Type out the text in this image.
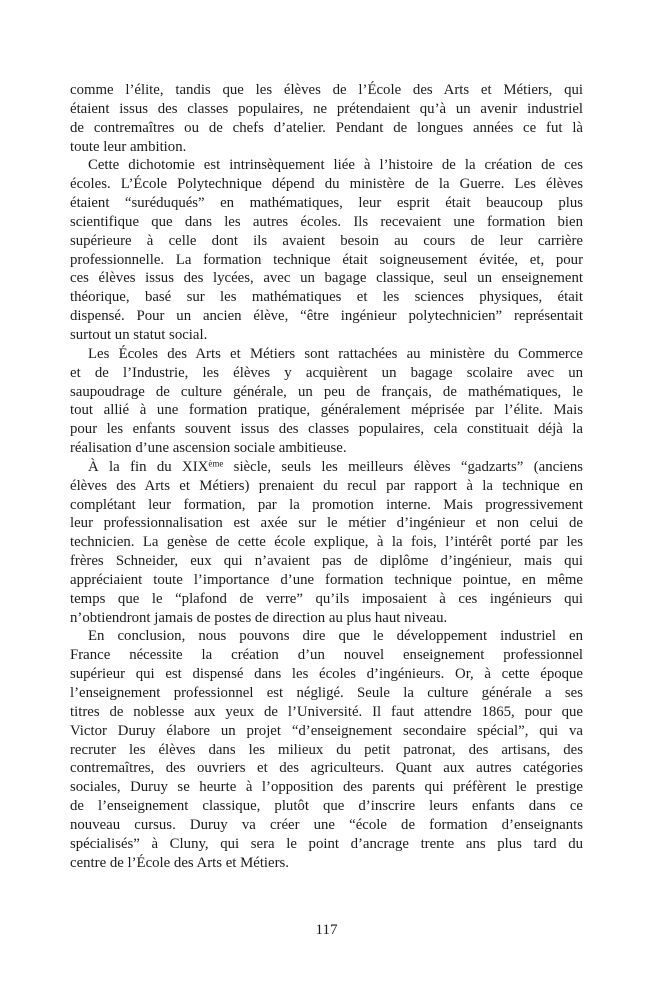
comme l’élite, tandis que les élèves de l’École des Arts et Métiers, qui
étaient issus des classes populaires, ne prétendaient qu’à un avenir industriel
de contremaîtres ou de chefs d’atelier. Pendant de longues années ce fut là
toute leur ambition.
Cette dichotomie est intrinsèquement liée à l’histoire de la création de ces
écoles. L’École Polytechnique dépend du ministère de la Guerre. Les élèves
étaient “suréduqués” en mathématiques, leur esprit était beaucoup plus
scientifique que dans les autres écoles. Ils recevaient une formation bien
supérieure à celle dont ils avaient besoin au cours de leur carrière
professionnelle. La formation technique était soigneusement évitée, et, pour
ces élèves issus des lycées, avec un bagage classique, seul un enseignement
théorique, basé sur les mathématiques et les sciences physiques, était
dispensé. Pour un ancien élève, “être ingénieur polytechnicien” représentait
surtout un statut social.
Les Écoles des Arts et Métiers sont rattachées au ministère du Commerce
et de l’Industrie, les élèves y acquièrent un bagage scolaire avec un
saupoudrage de culture générale, un peu de français, de mathématiques, le
tout allié à une formation pratique, généralement méprisée par l’élite. Mais
pour les enfants souvent issus des classes populaires, cela constituait déjà la
réalisation d’une ascension sociale ambitieuse.
À la fin du XIXème siècle, seuls les meilleurs élèves “gadzarts” (anciens
élèves des Arts et Métiers) prenaient du recul par rapport à la technique en
complétant leur formation, par la promotion interne. Mais progressivement
leur professionnalisation est axée sur le métier d’ingénieur et non celui de
technicien. La genèse de cette école explique, à la fois, l’intérêt porté par les
frères Schneider, eux qui n’avaient pas de diplôme d’ingénieur, mais qui
appréciaient toute l’importance d’une formation technique pointue, en même
temps que le “plafond de verre” qu’ils imposaient à ces ingénieurs qui
n’obtiendront jamais de postes de direction au plus haut niveau.
En conclusion, nous pouvons dire que le développement industriel en
France nécessite la création d’un nouvel enseignement professionnel
supérieur qui est dispensé dans les écoles d’ingénieurs. Or, à cette époque
l’enseignement professionnel est négligé. Seule la culture générale a ses
titres de noblesse aux yeux de l’Université. Il faut attendre 1865, pour que
Victor Duruy élabore un projet “d’enseignement secondaire spécial”, qui va
recruter les élèves dans les milieux du petit patronat, des artisans, des
contremaîtres, des ouvriers et des agriculteurs. Quant aux autres catégories
sociales, Duruy se heurte à l’opposition des parents qui préfèrent le prestige
de l’enseignement classique, plutôt que d’inscrire leurs enfants dans ce
nouveau cursus. Duruy va créer une “école de formation d’enseignants
spécialisés” à Cluny, qui sera le point d’ancrage trente ans plus tard du
centre de l’École des Arts et Métiers.
117
